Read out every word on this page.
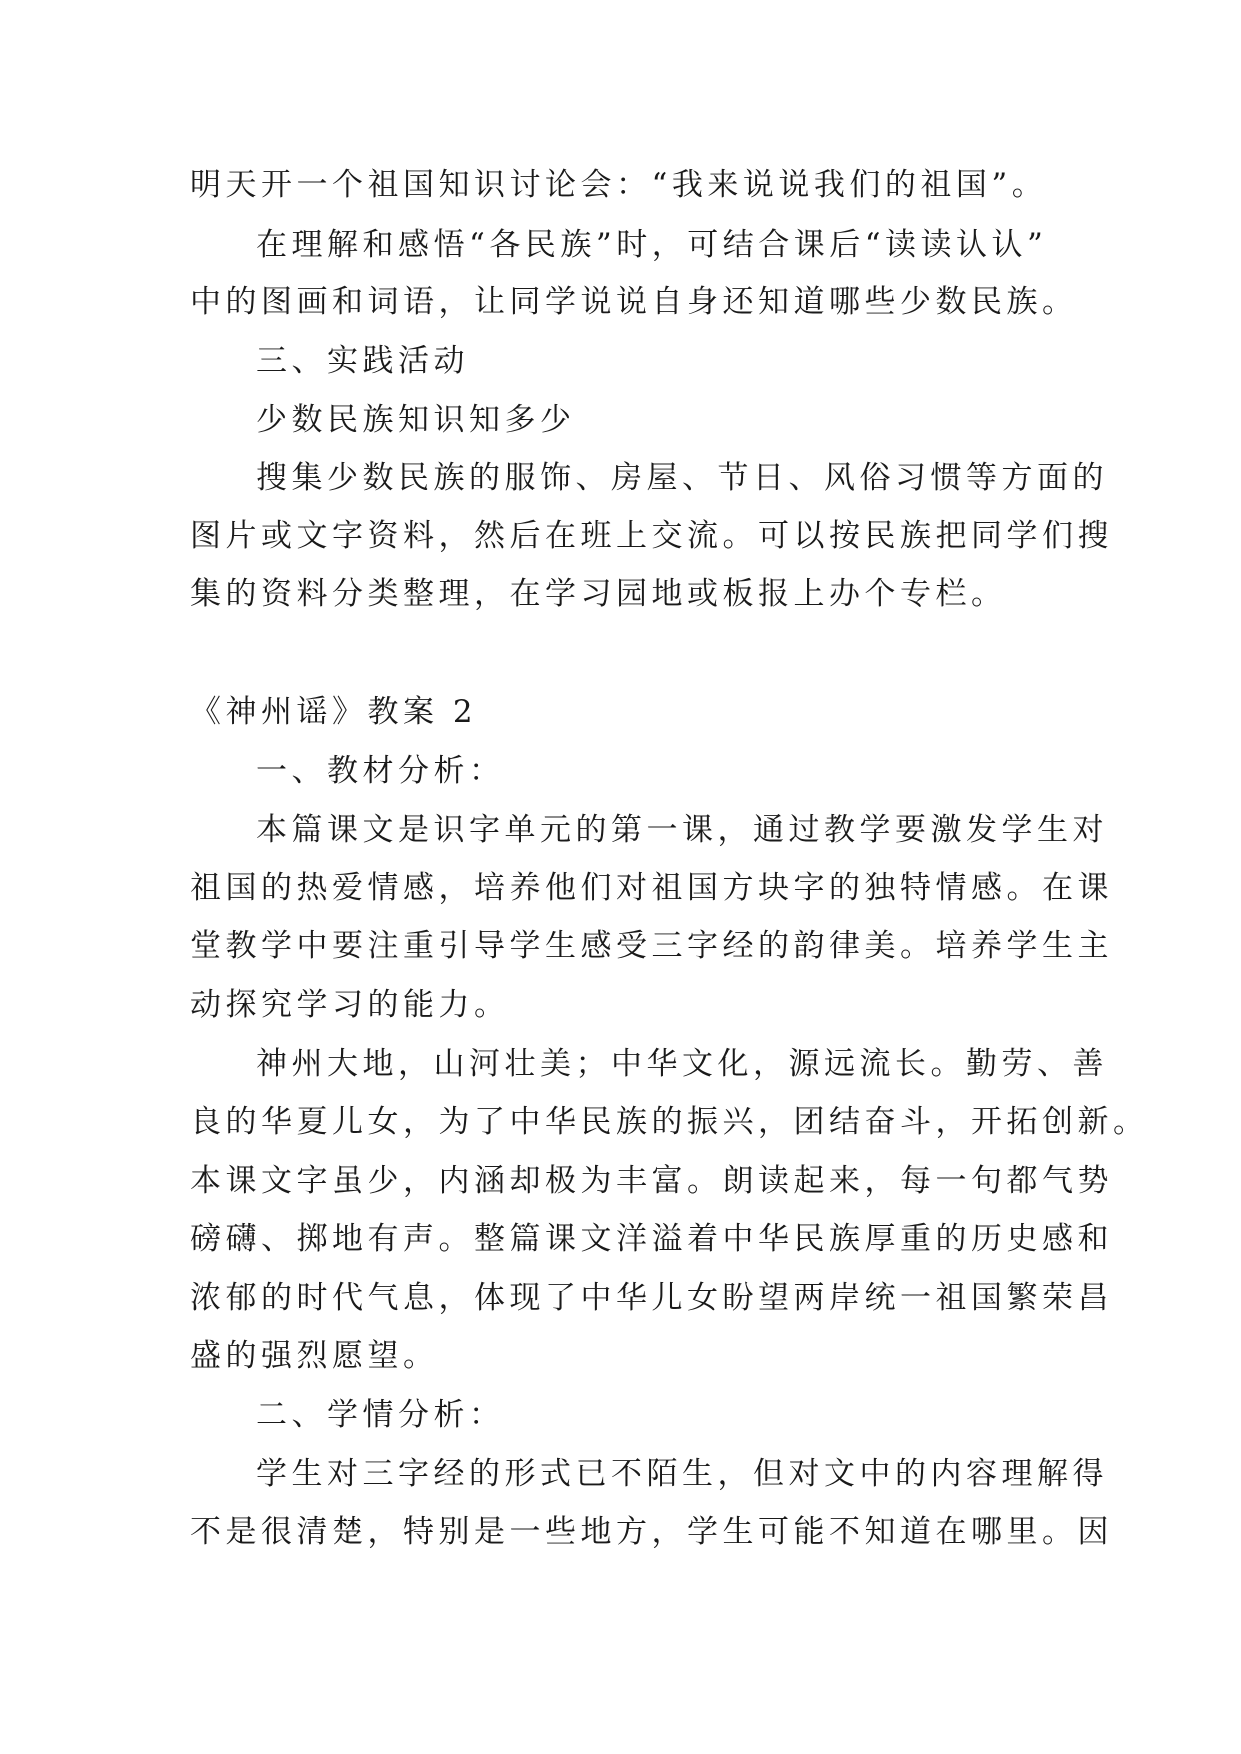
明天开一个祖国知识讨论会：“我来说说我们的祖国”。
在理解和感悟“各民族”时，可结合课后“读读认认”
中的图画和词语，让同学说说自身还知道哪些少数民族。
三、实践活动
少数民族知识知多少
搜集少数民族的服饰、房屋、节日、风俗习惯等方面的
图片或文字资料，然后在班上交流。可以按民族把同学们搜
集的资料分类整理，在学习园地或板报上办个专栏。
《神州谣》教案 2
一、教材分析：
本篇课文是识字单元的第一课，通过教学要激发学生对
祖国的热爱情感，培养他们对祖国方块字的独特情感。在课
堂教学中要注重引导学生感受三字经的韵律美。培养学生主
动探究学习的能力。
神州大地，山河壮美；中华文化，源远流长。勤劳、善
良的华夏儿女，为了中华民族的振兴，团结奋斗，开拓创新。
本课文字虽少，内涵却极为丰富。朗读起来，每一句都气势
磅礴、掷地有声。整篇课文洋溢着中华民族厚重的历史感和
浓郁的时代气息，体现了中华儿女盼望两岸统一祖国繁荣昌
盛的强烈愿望。
二、学情分析：
学生对三字经的形式已不陌生，但对文中的内容理解得
不是很清楚，特别是一些地方，学生可能不知道在哪里。因
